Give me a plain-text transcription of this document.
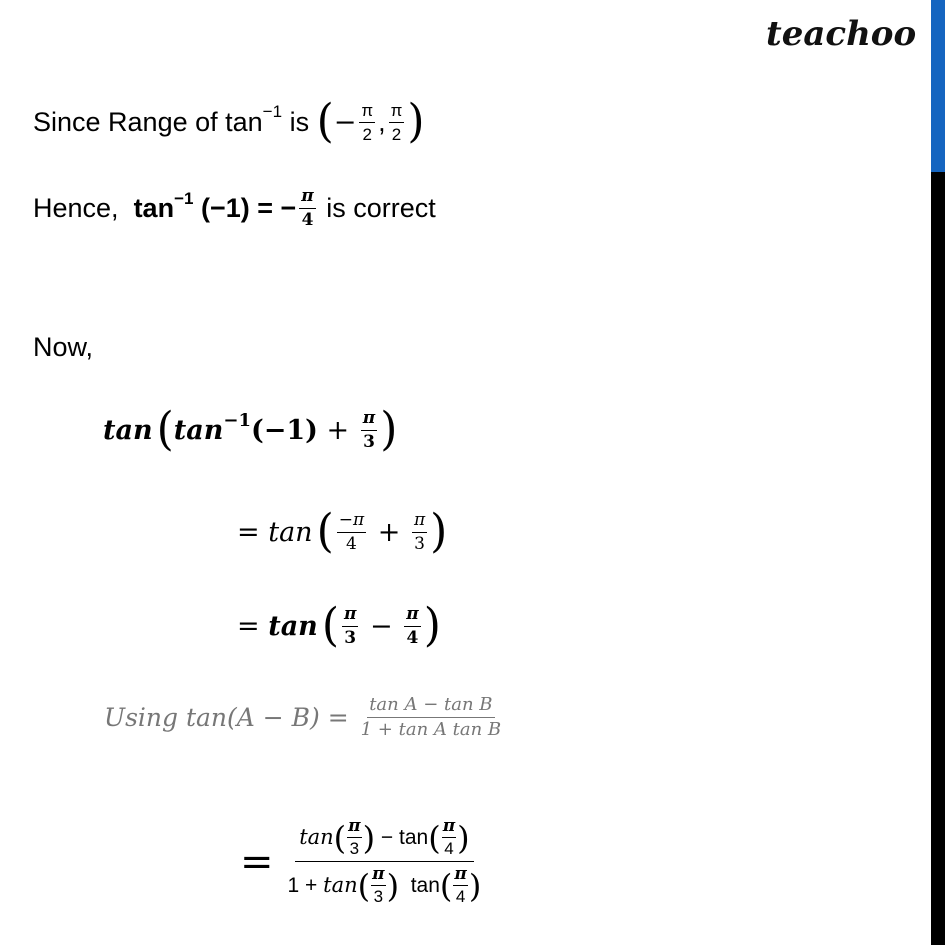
teachoo
Since Range of $\tan^{-1}$ is ( − $\frac{\pi}{2}$ , $\frac{\pi}{2}$ )
Hence, $\tan^{-1} (-1)$ = − $\frac{\pi}{4}$ is correct
Now,
tan ( $\tan^{-1} (-1) + \frac{\pi}{3}$ )
= tan ( $\frac{-\pi}{4} + \frac{\pi}{3}$ )
= tan ( $\frac{\pi}{3} - \frac{\pi}{4}$ )
Using $\tan(A - B) = \frac{\text{tan A − tan B}}{\text{1 + tan A tan B}}$
=
tan ( $\frac{\pi}{3}$ ) − tan ( $\frac{\pi}{4}$ )
1 + tan ( $\frac{\pi}{3}$ ) tan ( $\frac{\pi}{4}$ )
